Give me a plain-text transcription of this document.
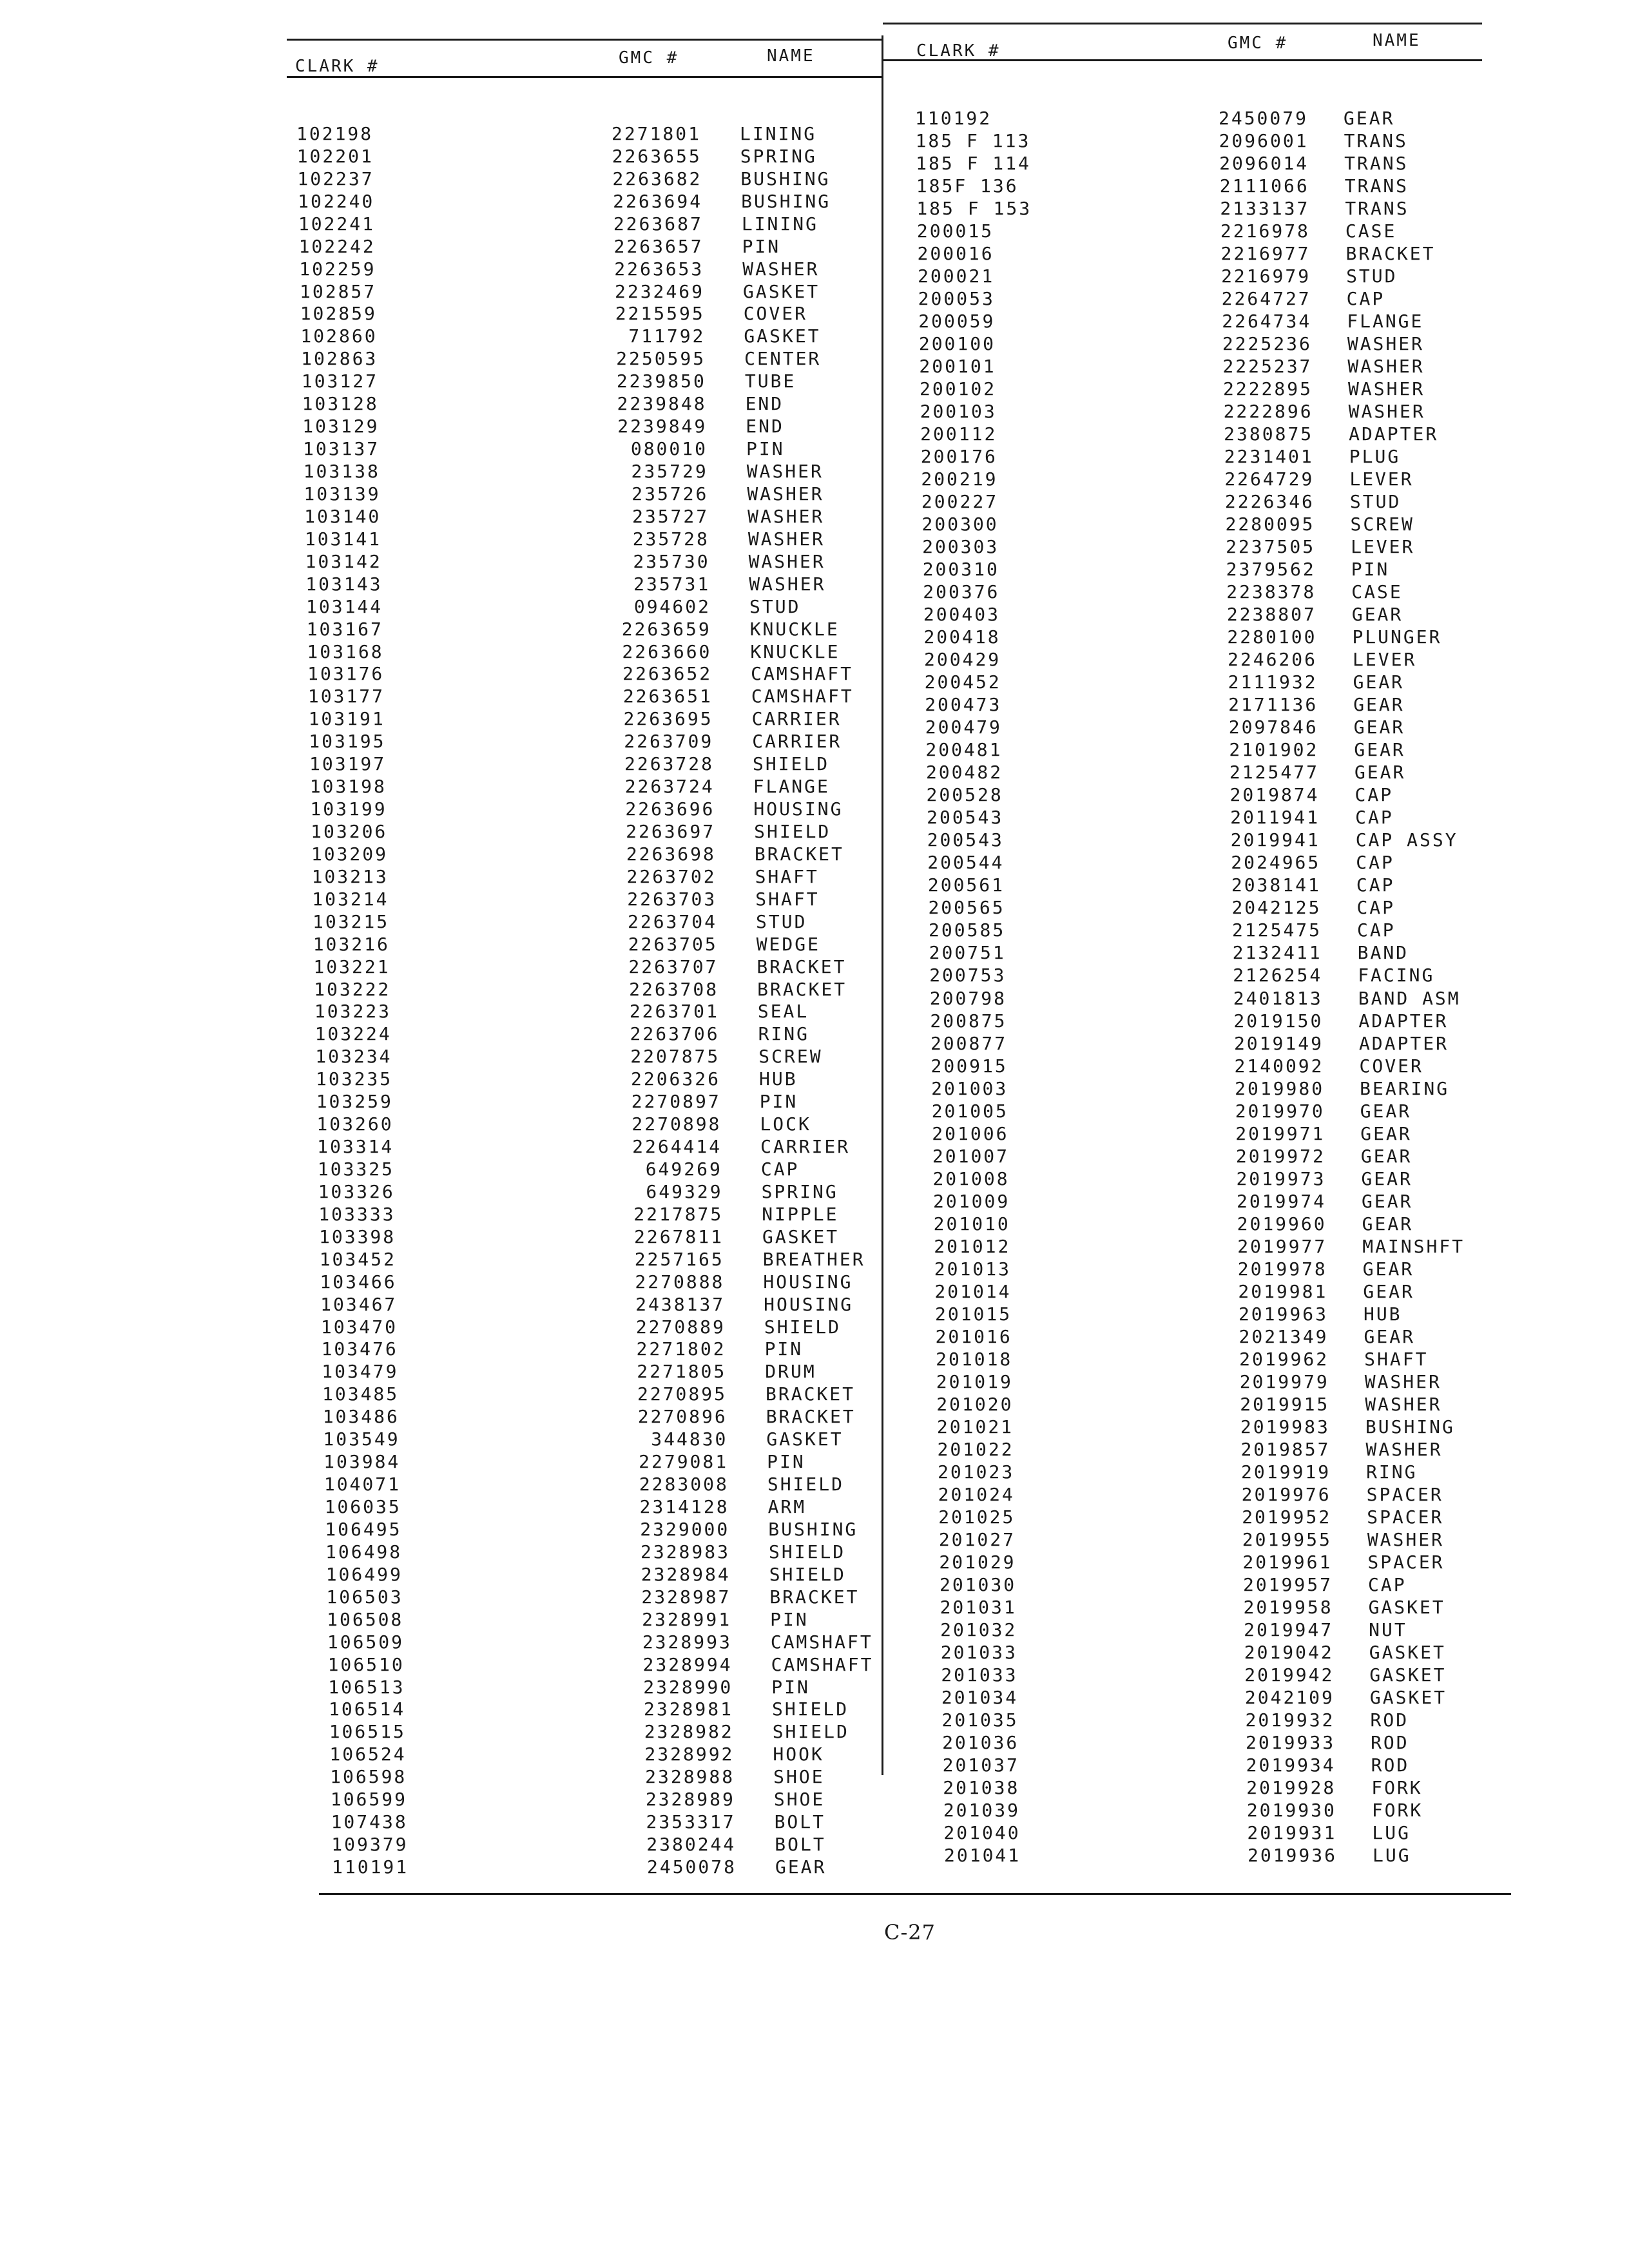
CLARK #	GMC #	NAME	CLARK #	GMC #	NAME
102198	2271801 LINING
102201	2263655 SPRING
102237	2263682 BUSHING
102240	2263694 BUSHING
102241	2263687 LINING
102242	2263657 PIN
102259	2263653 WASHER
102857	2232469 GASKET
102859	2215595 COVER
102860	711792 GASKET
102863	2250595 CENTER
103127	2239850 TUBE
103128	2239848 END
103129	2239849 END
103137	080010 PIN
103138	235729 WASHER
103139	235726 WASHER
103140	235727 WASHER
103141	235728 WASHER
103142	235730 WASHER
103143	235731 WASHER
103144	094602 STUD
103167	2263659 KNUCKLE
103168	2263660 KNUCKLE
103176	2263652 CAMSHAFT
103177	2263651 CAMSHAFT
103191	2263695 CARRIER
103195	2263709 CARRIER
103197	2263728 SHIELD
103198	2263724 FLANGE
103199	2263696 HOUSING
103206	2263697 SHIELD
103209	2263698 BRACKET
103213	2263702 SHAFT
103214	2263703 SHAFT
103215	2263704 STUD
103216	2263705 WEDGE
103221	2263707 BRACKET
103222	2263708 BRACKET
103223	2263701 SEAL
103224	2263706 RING
103234	2207875 SCREW
103235	2206326 HUB
103259	2270897 PIN
103260	2270898 LOCK
103314	2264414 CARRIER
103325	649269 CAP
103326	649329 SPRING
103333	2217875 NIPPLE
103398	2267811 GASKET
103452	2257165 BREATHER
103466	2270888 HOUSING
103467	2438137 HOUSING
103470	2270889 SHIELD
103476	2271802 PIN
103479	2271805 DRUM
103485	2270895 BRACKET
103486	2270896 BRACKET
103549	344830 GASKET
103984	2279081 PIN
104071	2283008 SHIELD
106035	2314128 ARM
106495	2329000 BUSHING
106498	2328983 SHIELD
106499	2328984 SHIELD
106503	2328987 BRACKET
106508	2328991 PIN
106509	2328993 CAMSHAFT
106510	2328994 CAMSHAFT
106513	2328990 PIN
106514	2328981 SHIELD
106515	2328982 SHIELD
106524	2328992 HOOK
106598	2328988 SHOE
106599	2328989 SHOE
107438	2353317 BOLT
109379	2380244 BOLT
110191	2450078 GEAR
110192	2450079 GEAR
185 F 113	2096001 TRANS
185 F 114	2096014 TRANS
185F 136	2111066 TRANS
185 F 153	2133137 TRANS
200015	2216978 CASE
200016	2216977 BRACKET
200021	2216979 STUD
200053	2264727 CAP
200059	2264734 FLANGE
200100	2225236 WASHER
200101	2225237 WASHER
200102	2222895 WASHER
200103	2222896 WASHER
200112	2380875 ADAPTER
200176	2231401 PLUG
200219	2264729 LEVER
200227	2226346 STUD
200300	2280095 SCREW
200303	2237505 LEVER
200310	2379562 PIN
200376	2238378 CASE
200403	2238807 GEAR
200418	2280100 PLUNGER
200429	2246206 LEVER
200452	2111932 GEAR
200473	2171136 GEAR
200479	2097846 GEAR
200481	2101902 GEAR
200482	2125477 GEAR
200528	2019874 CAP
200543	2011941 CAP
200543	2019941 CAP ASSY
200544	2024965 CAP
200561	2038141 CAP
200565	2042125 CAP
200585	2125475 CAP
200751	2132411 BAND
200753	2126254 FACING
200798	2401813 BAND ASM
200875	2019150 ADAPTER
200877	2019149 ADAPTER
200915	2140092 COVER
201003	2019980 BEARING
201005	2019970 GEAR
201006	2019971 GEAR
201007	2019972 GEAR
201008	2019973 GEAR
201009	2019974 GEAR
201010	2019960 GEAR
201012	2019977 MAINSHFT
201013	2019978 GEAR
201014	2019981 GEAR
201015	2019963 HUB
201016	2021349 GEAR
201018	2019962 SHAFT
201019	2019979 WASHER
201020	2019915 WASHER
201021	2019983 BUSHING
201022	2019857 WASHER
201023	2019919 RING
201024	2019976 SPACER
201025	2019952 SPACER
201027	2019955 WASHER
201029	2019961 SPACER
201030	2019957 CAP
201031	2019958 GASKET
201032	2019947 NUT
201033	2019042 GASKET
201033	2019942 GASKET
201034	2042109 GASKET
201035	2019932 ROD
201036	2019933 ROD
201037	2019934 ROD
201038	2019928 FORK
201039	2019930 FORK
201040	2019931 LUG
201041	2019936 LUG
C-27
